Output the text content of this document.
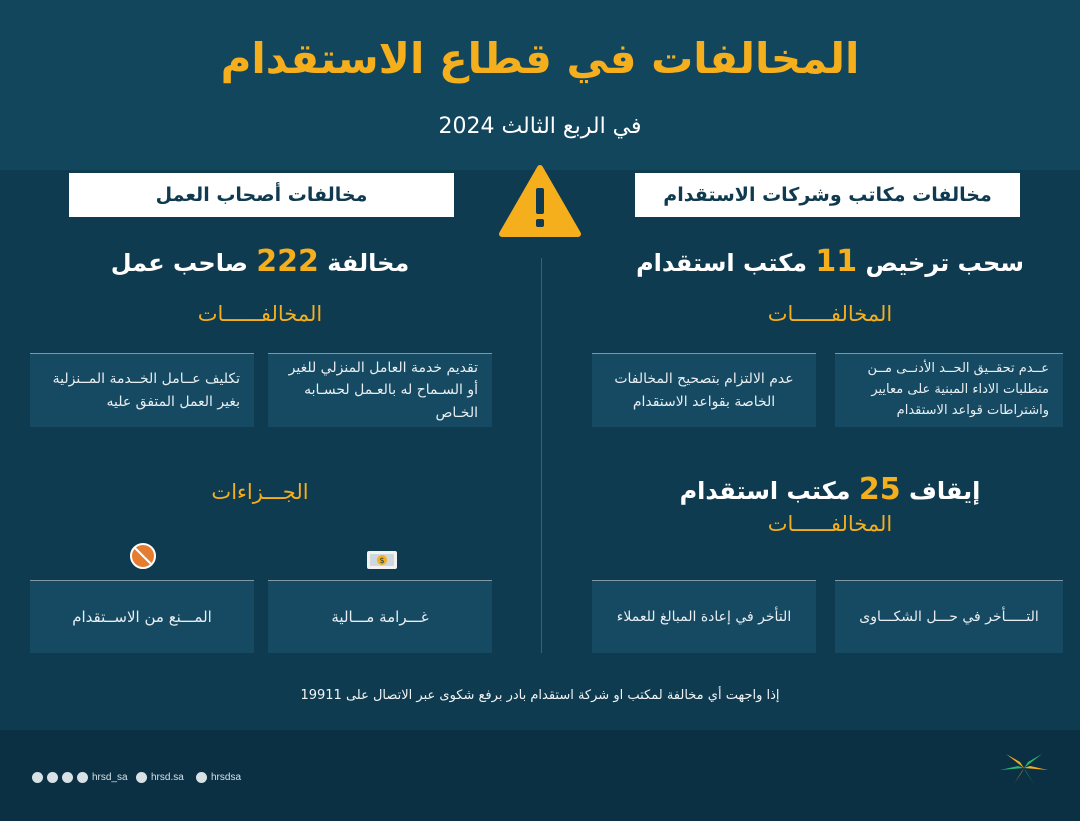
المخالفات في قطاع الاستقدام
في الربع الثالث 2024
مخالفات مكاتب وشركات الاستقدام
مخالفات أصحاب العمل
سحب ترخيص 11 مكتب استقدام
المخالفــــــات
عــدم تحقــيق الحــد الأدنــى مــن متطلبات الاداء المبنية على معايير واشتراطات قواعد الاستقدام
عدم الالتزام بتصحيح المخالفات الخاصة بقواعد الاستقدام
إيقاف 25 مكتب استقدام
المخالفــــــات
التـــــأخر في حـــل الشكـــاوى
التأخر في إعادة المبالغ للعملاء
مخالفة 222 صاحب عمل
المخالفــــــات
تقديم خدمة العامل المنزلي للغير أو السـماح له بالعـمل لحسـابه الخـاص
تكليف عــامل الخــدمة المــنزلية بغير العمل المتفق عليه
الجـــزاءات
$
غـــرامة مـــالية
المـــنع من الاســتقدام
إذا واجهت أي مخالفة لمكتب او شركة استقدام بادر برفع شكوى عبر الاتصال على 19911
hrsd_sa hrsd.sa	hrsdsa
